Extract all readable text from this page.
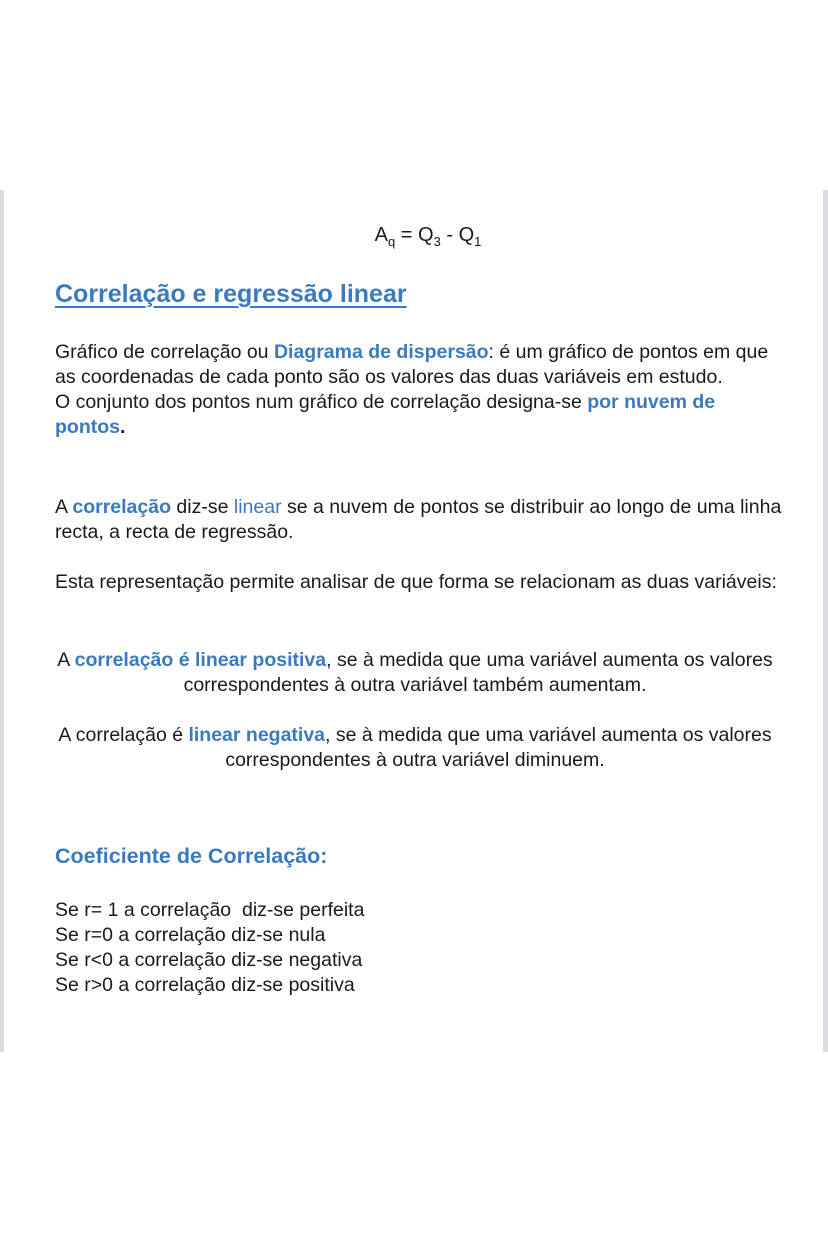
$A_q = Q_3 - Q_1$
Correlação e regressão linear

Gráfico de correlação ou Diagrama de dispersão: é um gráfico de pontos em que as coordenadas de cada ponto são os valores das duas variáveis em estudo.
O conjunto dos pontos num gráfico de correlação designa-se por nuvem de pontos.

A correlação diz-se linear se a nuvem de pontos se distribuir ao longo de uma linha recta, a recta de regressão.

Esta representação permite analisar de que forma se relacionam as duas variáveis:

A correlação é linear positiva, se à medida que uma variável aumenta os valores correspondentes à outra variável também aumentam.

A correlação é linear negativa, se à medida que uma variável aumenta os valores correspondentes à outra variável diminuem.

Coeficiente de Correlação:
Se r= 1 a correlação  diz-se perfeita
Se r=0 a correlação diz-se nula
Se r<0 a correlação diz-se negativa
Se r>0 a correlação diz-se positiva
